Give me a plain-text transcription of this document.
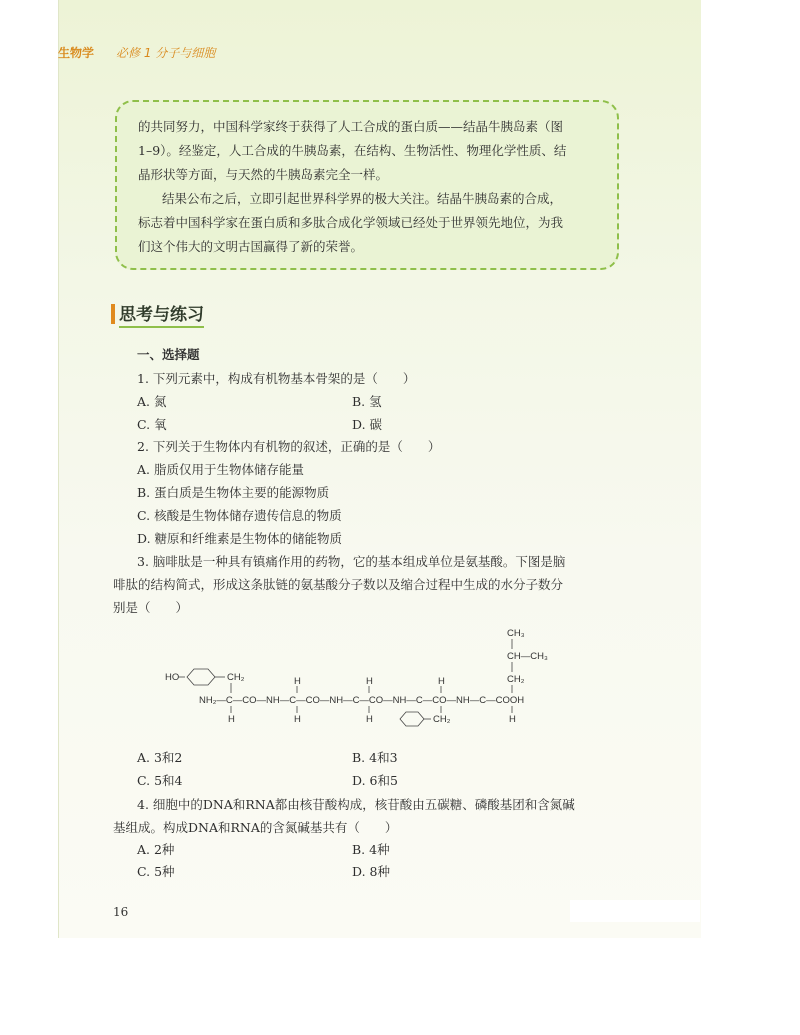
生物学 必修 1 分子与细胞

的共同努力，中国科学家终于获得了人工合成的蛋白质——结晶牛胰岛素（图

1–9）。经鉴定，人工合成的牛胰岛素，在结构、生物活性、物理化学性质、结

晶形状等方面，与天然的牛胰岛素完全一样。

结果公布之后，立即引起世界科学界的极大关注。结晶牛胰岛素的合成，

标志着中国科学家在蛋白质和多肽合成化学领域已经处于世界领先地位，为我

们这个伟大的文明古国赢得了新的荣誉。

思考与练习

一、选择题

1. 下列元素中，构成有机物基本骨架的是（　　）

A. 氮	B. 氢

C. 氧	D. 碳

2. 下列关于生物体内有机物的叙述，正确的是（　　）

A. 脂质仅用于生物体储存能量

B. 蛋白质是生物体主要的能源物质

C. 核酸是生物体储存遗传信息的物质

D. 糖原和纤维素是生物体的储能物质

3. 脑啡肽是一种具有镇痛作用的药物，它的基本组成单位是氨基酸。下图是脑

啡肽的结构简式，形成这条肽链的氨基酸分子数以及缩合过程中生成的水分子数分

别是（　　）

CH₃
CH—CH₃
CH₂
HO	CH₂	H	H	H
NH₂—C—CO—NH—C—CO—NH—C—CO—NH—C—CO—NH—C—COOH
H	H	H	CH₂	H

A. 3和2	B. 4和3

C. 5和4	D. 6和5

4. 细胞中的DNA和RNA都由核苷酸构成，核苷酸由五碳糖、磷酸基团和含氮碱

基组成。构成DNA和RNA的含氮碱基共有（　　）

A. 2种	B. 4种

C. 5种	D. 8种

16
